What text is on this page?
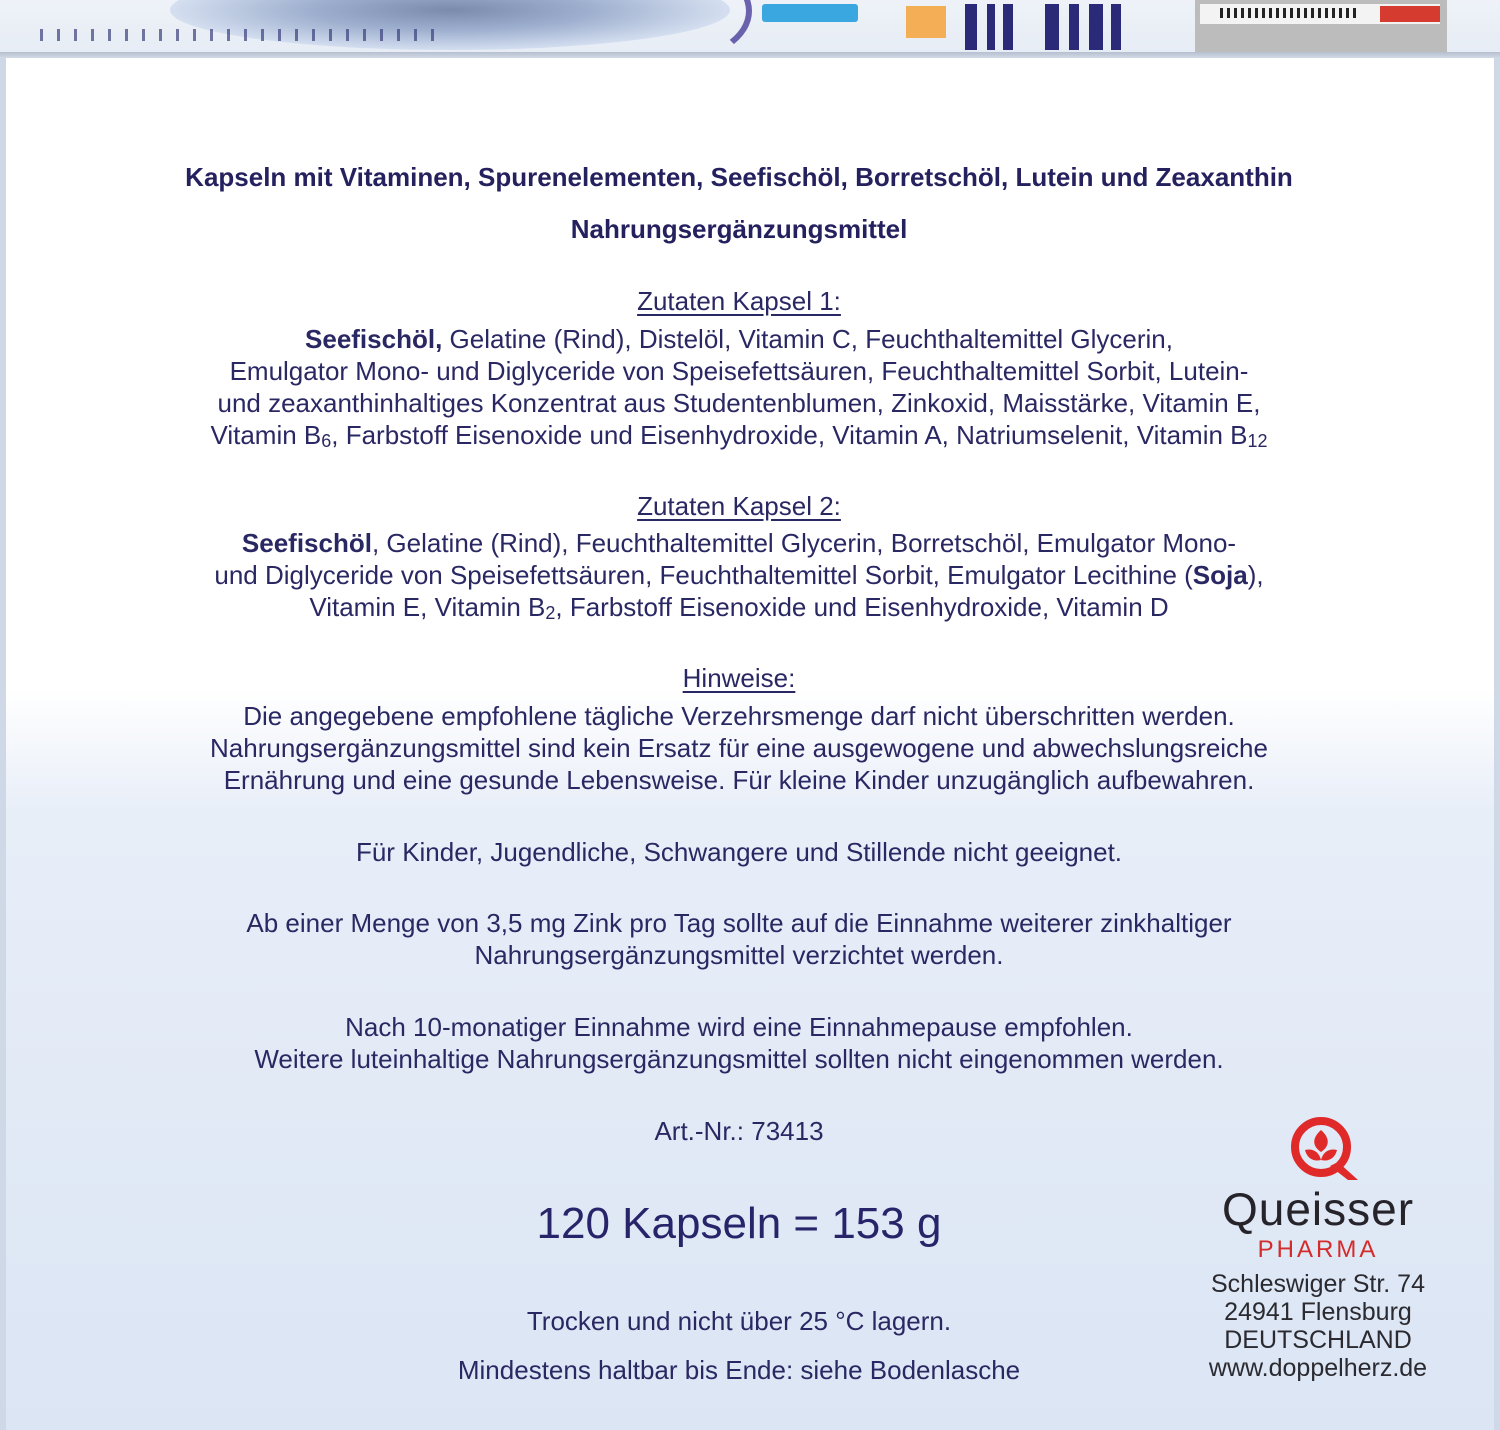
Kapseln mit Vitaminen, Spurenelementen, Seefischöl, Borretschöl, Lutein und Zeaxanthin
Nahrungsergänzungsmittel
Zutaten Kapsel 1:
Seefischöl, Gelatine (Rind), Distelöl, Vitamin C, Feuchthaltemittel Glycerin,
Emulgator Mono- und Diglyceride von Speisefettsäuren, Feuchthaltemittel Sorbit, Lutein-
und zeaxanthinhaltiges Konzentrat aus Studentenblumen, Zinkoxid, Maisstärke, Vitamin E,
Vitamin $B_6$, Farbstoff Eisenoxide und Eisenhydroxide, Vitamin A, Natriumselenit, Vitamin $B_{12}$
Zutaten Kapsel 2:
Seefischöl, Gelatine (Rind), Feuchthaltemittel Glycerin, Borretschöl, Emulgator Mono-
und Diglyceride von Speisefettsäuren, Feuchthaltemittel Sorbit, Emulgator Lecithine (Soja),
Vitamin E, Vitamin $B_2$, Farbstoff Eisenoxide und Eisenhydroxide, Vitamin D
Hinweise:
Die angegebene empfohlene tägliche Verzehrsmenge darf nicht überschritten werden.
Nahrungsergänzungsmittel sind kein Ersatz für eine ausgewogene und abwechslungsreiche
Ernährung und eine gesunde Lebensweise. Für kleine Kinder unzugänglich aufbewahren.
Für Kinder, Jugendliche, Schwangere und Stillende nicht geeignet.
Ab einer Menge von 3,5 mg Zink pro Tag sollte auf die Einnahme weiterer zinkhaltiger
Nahrungsergänzungsmittel verzichtet werden.
Nach 10-monatiger Einnahme wird eine Einnahmepause empfohlen.
Weitere luteinhaltige Nahrungsergänzungsmittel sollten nicht eingenommen werden.
Art.-Nr.: 73413
120 Kapseln = 153 g
Trocken und nicht über 25 °C lagern.
Mindestens haltbar bis Ende: siehe Bodenlasche
Queisser
PHARMA
Schleswiger Str. 74
24941 Flensburg
DEUTSCHLAND
www.doppelherz.de
